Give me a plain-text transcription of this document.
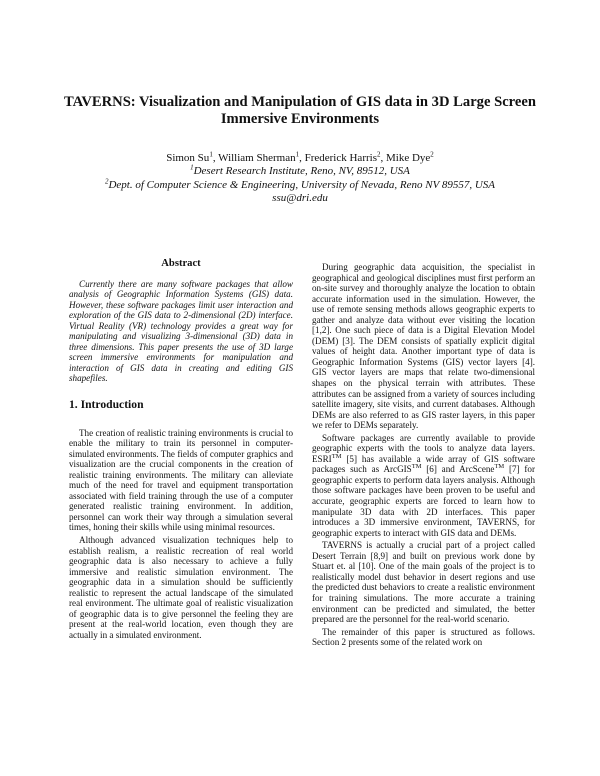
TAVERNS: Visualization and Manipulation of GIS data in 3D Large Screen Immersive Environments
Simon Su$^1$, William Sherman$^1$, Frederick Harris$^2$, Mike Dye$^2$
$^1$Desert Research Institute, Reno, NV, 89512, USA
$^2$Dept. of Computer Science & Engineering, University of Nevada, Reno NV 89557, USA
ssu@dri.edu
Abstract

Currently there are many software packages that allow analysis of Geographic Information Systems (GIS) data. However, these software packages limit user interaction and exploration of the GIS data to 2-dimensional (2D) interface. Virtual Reality (VR) technology provides a great way for manipulating and visualizing 3-dimensional (3D) data in three dimensions. This paper presents the use of 3D large screen immersive environments for manipulation and interaction of GIS data in creating and editing GIS shapefiles.

1. Introduction

The creation of realistic training environments is crucial to enable the military to train its personnel in computer-simulated environments. The fields of computer graphics and visualization are the crucial components in the creation of realistic training environments. The military can alleviate much of the need for travel and equipment transportation associated with field training through the use of a computer generated realistic training environment. In addition, personnel can work their way through a simulation several times, honing their skills while using minimal resources.

Although advanced visualization techniques help to establish realism, a realistic recreation of real world geographic data is also necessary to achieve a fully immersive and realistic simulation environment. The geographic data in a simulation should be sufficiently realistic to represent the actual landscape of the simulated real environment. The ultimate goal of realistic visualization of geographic data is to give personnel the feeling they are present at the real-world location, even though they are actually in a simulated environment.

During geographic data acquisition, the specialist in geographical and geological disciplines must first perform an on-site survey and thoroughly analyze the location to obtain accurate information used in the simulation. However, the use of remote sensing methods allows geographic experts to gather and analyze data without ever visiting the location [1,2]. One such piece of data is a Digital Elevation Model (DEM) [3]. The DEM consists of spatially explicit digital values of height data. Another important type of data is Geographic Information Systems (GIS) vector layers [4]. GIS vector layers are maps that relate two-dimensional shapes on the physical terrain with attributes. These attributes can be assigned from a variety of sources including satellite imagery, site visits, and current databases. Although DEMs are also referred to as GIS raster layers, in this paper we refer to DEMs separately.

Software packages are currently available to provide geographic experts with the tools to analyze data layers. ESRI™ [5] has available a wide array of GIS software packages such as ArcGIS™ [6] and ArcScene™ [7] for geographic experts to perform data layers analysis. Although those software packages have been proven to be useful and accurate, geographic experts are forced to learn how to manipulate 3D data with 2D interfaces. This paper introduces a 3D immersive environment, TAVERNS, for geographic experts to interact with GIS data and DEMs.

TAVERNS is actually a crucial part of a project called Desert Terrain [8,9] and built on previous work done by Stuart et. al [10]. One of the main goals of the project is to realistically model dust behavior in desert regions and use the predicted dust behaviors to create a realistic environment for training simulations. The more accurate a training environment can be predicted and simulated, the better prepared are the personnel for the real-world scenario.

The remainder of this paper is structured as follows. Section 2 presents some of the related work on
